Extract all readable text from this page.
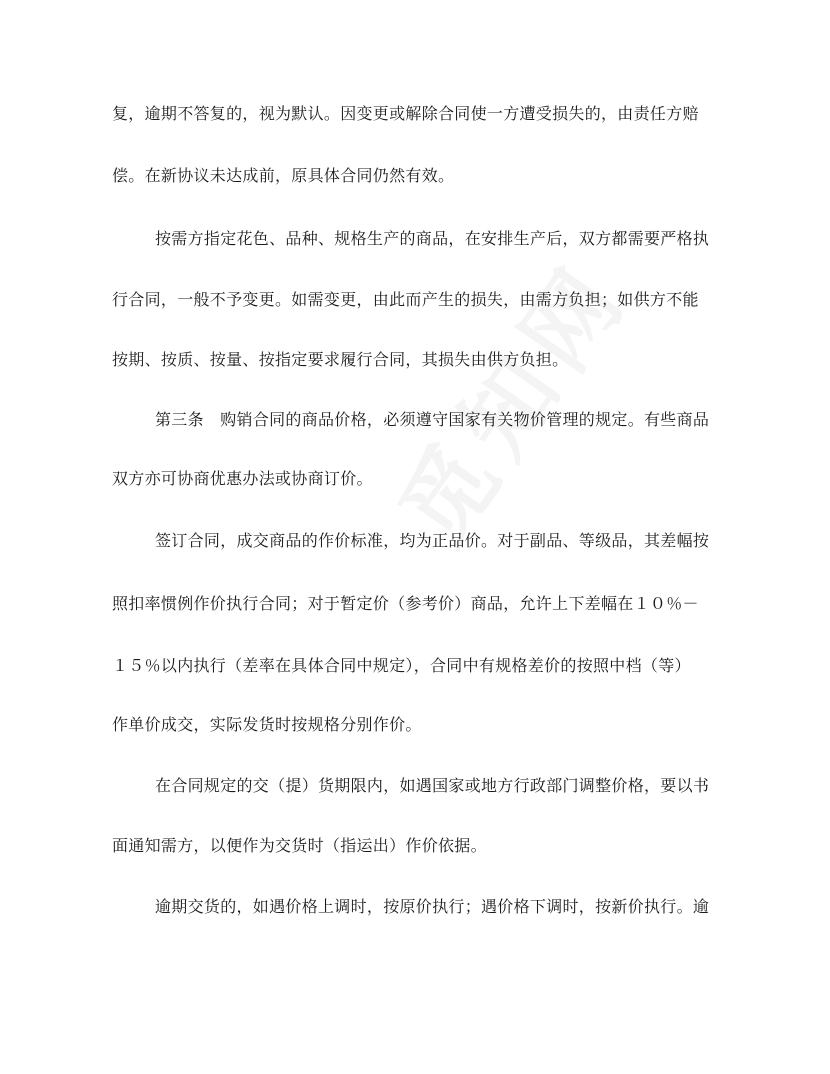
复，逾期不答复的，视为默认。因变更或解除合同使一方遭受损失的，由责任方赔
偿。在新协议未达成前，原具体合同仍然有效。
按需方指定花色、品种、规格生产的商品，在安排生产后，双方都需要严格执
行合同，一般不予变更。如需变更，由此而产生的损失，由需方负担；如供方不能
按期、按质、按量、按指定要求履行合同，其损失由供方负担。
第三条　购销合同的商品价格，必须遵守国家有关物价管理的规定。有些商品
双方亦可协商优惠办法或协商订价。
签订合同，成交商品的作价标准，均为正品价。对于副品、等级品，其差幅按
照扣率惯例作价执行合同；对于暂定价（参考价）商品，允许上下差幅在１０％－
１５％以内执行（差率在具体合同中规定），合同中有规格差价的按照中档（等）
作单价成交，实际发货时按规格分别作价。
在合同规定的交（提）货期限内，如遇国家或地方行政部门调整价格，要以书
面通知需方，以便作为交货时（指运出）作价依据。
逾期交货的，如遇价格上调时，按原价执行；遇价格下调时，按新价执行。逾
